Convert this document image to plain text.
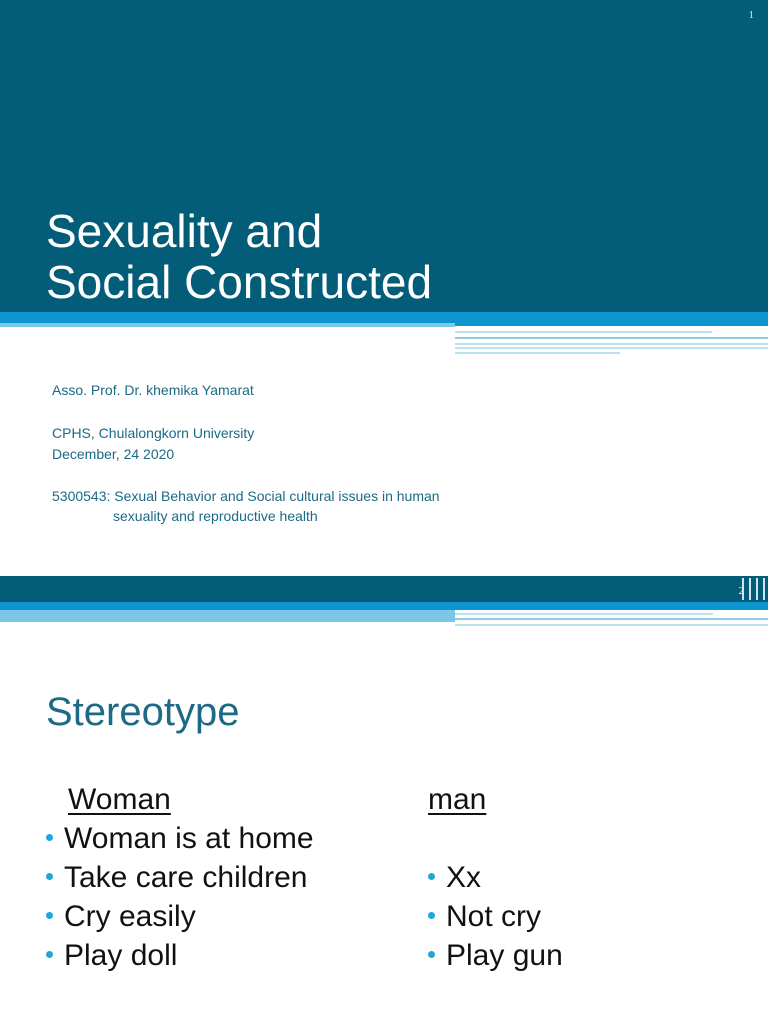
1
Sexuality and
Social Constructed
Asso. Prof. Dr. khemika Yamarat
CPHS, Chulalongkorn University
December, 24 2020
5300543: Sexual Behavior and Social cultural issues in human
sexuality and reproductive health
2
Stereotype
Woman
Woman is at home
Take care children
Cry easily
Play doll
man
Xx
Not cry
Play gun
